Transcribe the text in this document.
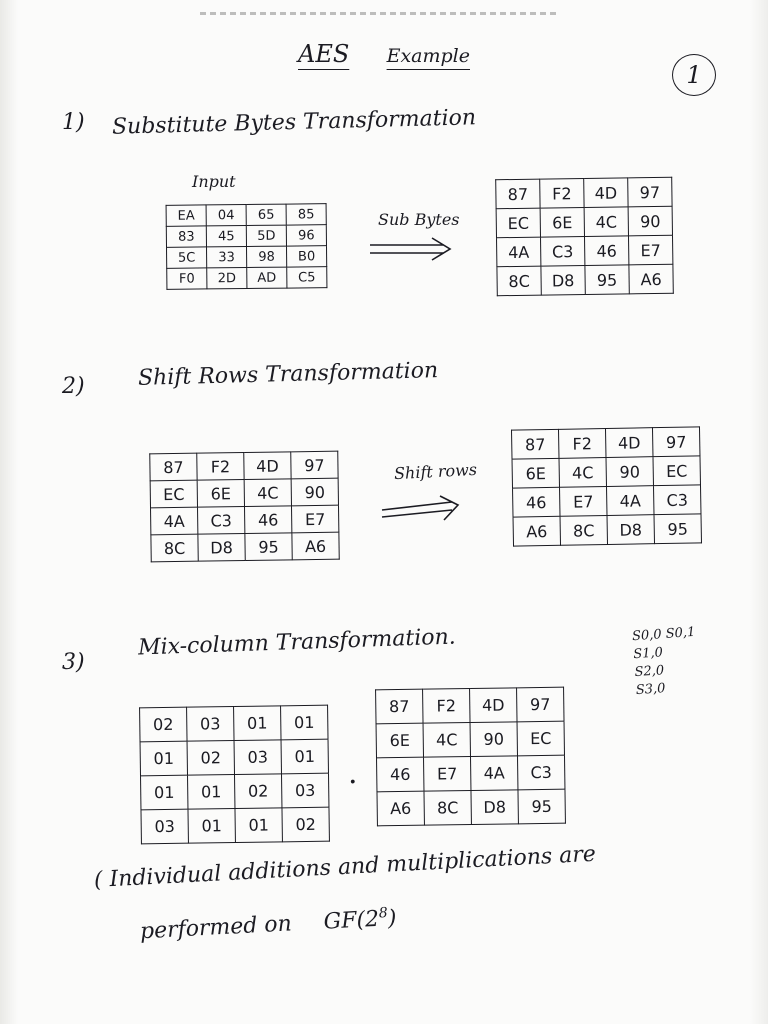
AES Example
1
1) Substitute Bytes Transformation
Input
EA	04	65	85
83	45	5D	96
5C	33	98	B0
F0	2D	AD	C5
Sub Bytes
87	F2	4D	97
EC	6E	4C	90
4A	C3	46	E7
8C	D8	95	A6
2) Shift Rows Transformation
87	F2	4D	97
EC	6E	4C	90
4A	C3	46	E7
8C	D8	95	A6
Shift rows
87	F2	4D	97
6E	4C	90	EC
46	E7	4A	C3
A6	8C	D8	95
3)
Mix-column Transformation.	S0,0 S0,1
S1,0
S2,0
S3,0
02	03	01	01
01	02	03	01
01	01	02	03
03	01	01	02
.
87	F2	4D	97
6E	4C	90	EC
46	E7	4A	C3
A6	8C	D8	95
( Individual additions and multiplications are
performed on $GF(2^8)$
